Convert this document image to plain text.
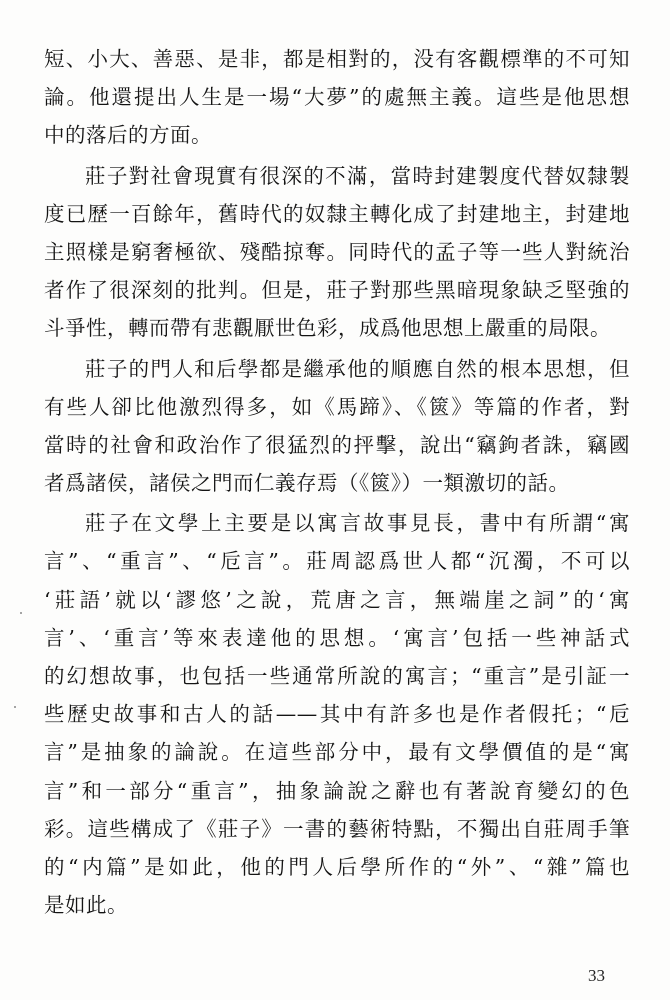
短、小大、善惡、是非，都是相對的，没有客觀標準的不可知
論。他還提出人生是一場“大夢”的處無主義。這些是他思想
中的落后的方面。
莊子對社會現實有很深的不滿，當時封建製度代替奴隸製
度已歷一百餘年，舊時代的奴隸主轉化成了封建地主，封建地
主照樣是窮奢極欲、殘酷掠奪。同時代的孟子等一些人對統治
者作了很深刻的批判。但是，莊子對那些黑暗現象缺乏堅強的
斗爭性，轉而帶有悲觀厭世色彩，成爲他思想上嚴重的局限。
莊子的門人和后學都是繼承他的順應自然的根本思想，但
有些人卻比他激烈得多，如《馬蹄》、《篋》等篇的作者，對
當時的社會和政治作了很猛烈的抨擊，說出“竊鉤者誅，竊國
者爲諸侯，諸侯之門而仁義存焉（《篋》）一類激切的話。
莊子在文學上主要是以寓言故事見長，書中有所謂“寓
言”、“重言”、“卮言”。莊周認爲世人都“沉濁，不可以
‘莊語’就以‘謬悠’之說，荒唐之言，無端崖之詞”的‘寓
言’、‘重言’等來表達他的思想。‘寓言’包括一些神話式
的幻想故事，也包括一些通常所說的寓言；“重言”是引証一
些歷史故事和古人的話——其中有許多也是作者假托；“卮
言”是抽象的論說。在這些部分中，最有文學價值的是“寓
言”和一部分“重言”，抽象論說之辭也有著說育變幻的色
彩。這些構成了《莊子》一書的藝術特點，不獨出自莊周手筆
的“内篇”是如此，他的門人后學所作的“外”、“雜”篇也
是如此。
33
